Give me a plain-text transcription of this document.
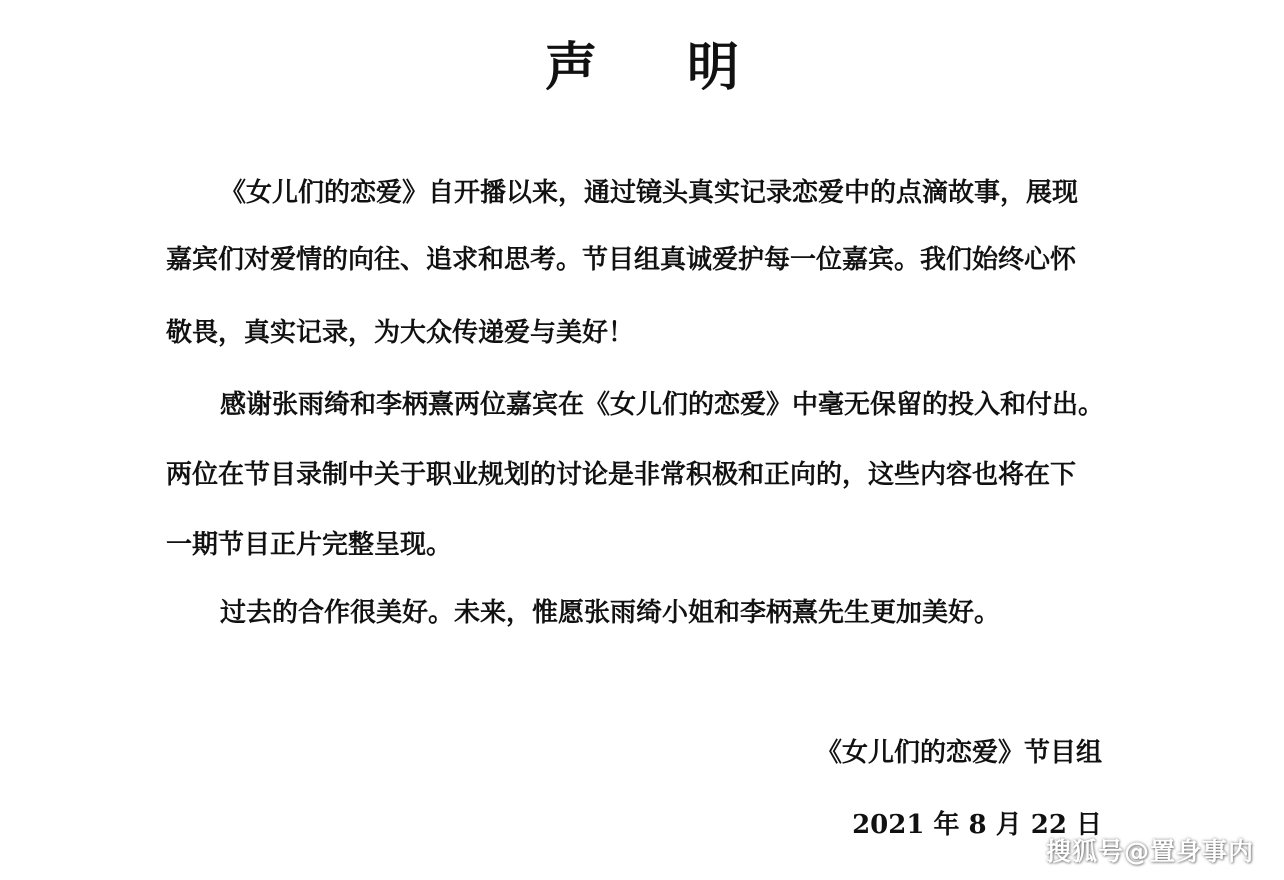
声 明
《女儿们的恋爱》自开播以来，通过镜头真实记录恋爱中的点滴故事，展现
嘉宾们对爱情的向往、追求和思考。节目组真诚爱护每一位嘉宾。我们始终心怀
敬畏，真实记录，为大众传递爱与美好！
感谢张雨绮和李柄熹两位嘉宾在《女儿们的恋爱》中毫无保留的投入和付出。
两位在节目录制中关于职业规划的讨论是非常积极和正向的，这些内容也将在下
一期节目正片完整呈现。
过去的合作很美好。未来，惟愿张雨绮小姐和李柄熹先生更加美好。
《女儿们的恋爱》节目组
2021 年 8 月 22 日
搜狐号@置身事内
